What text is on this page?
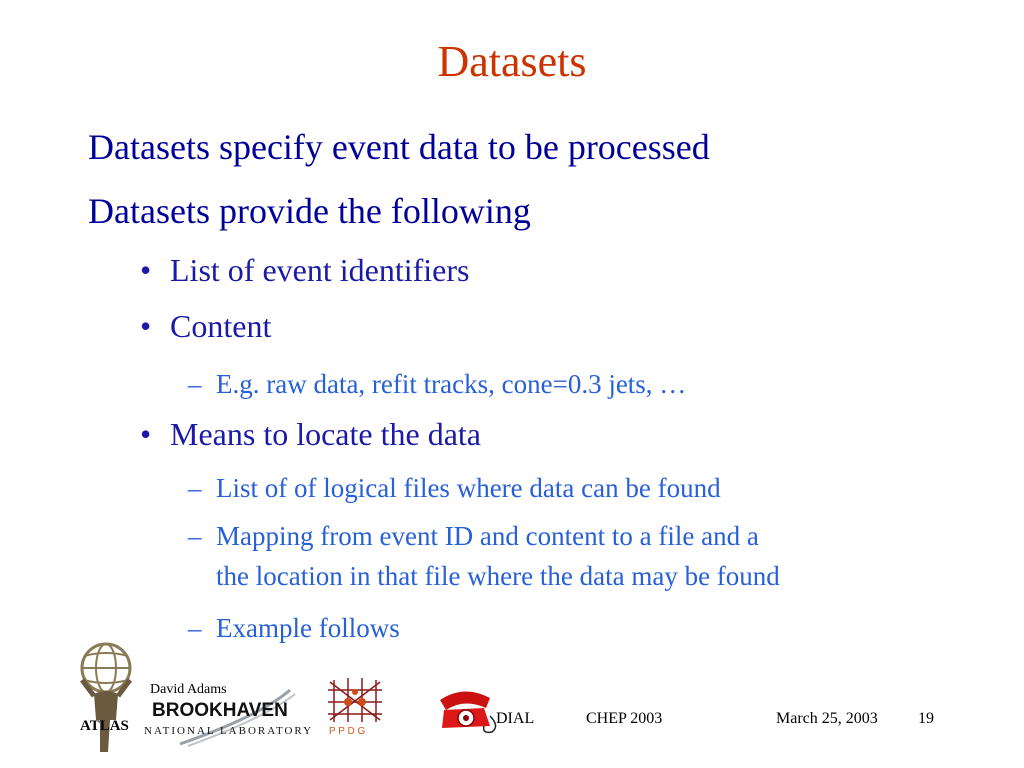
Datasets
Datasets specify event data to be processed
Datasets provide the following
• List of event identifiers
• Content
– E.g. raw data, refit tracks, cone=0.3 jets, …
• Means to locate the data
– List of of logical files where data can be found
– Mapping from event ID and content to a file and a
the location in that file where the data may be found
– Example follows
ATLAS
David Adams
BROOKHAVEN
NATIONAL LABORATORY P P D G
DIAL	CHEP 2003	March 25, 2003	19
